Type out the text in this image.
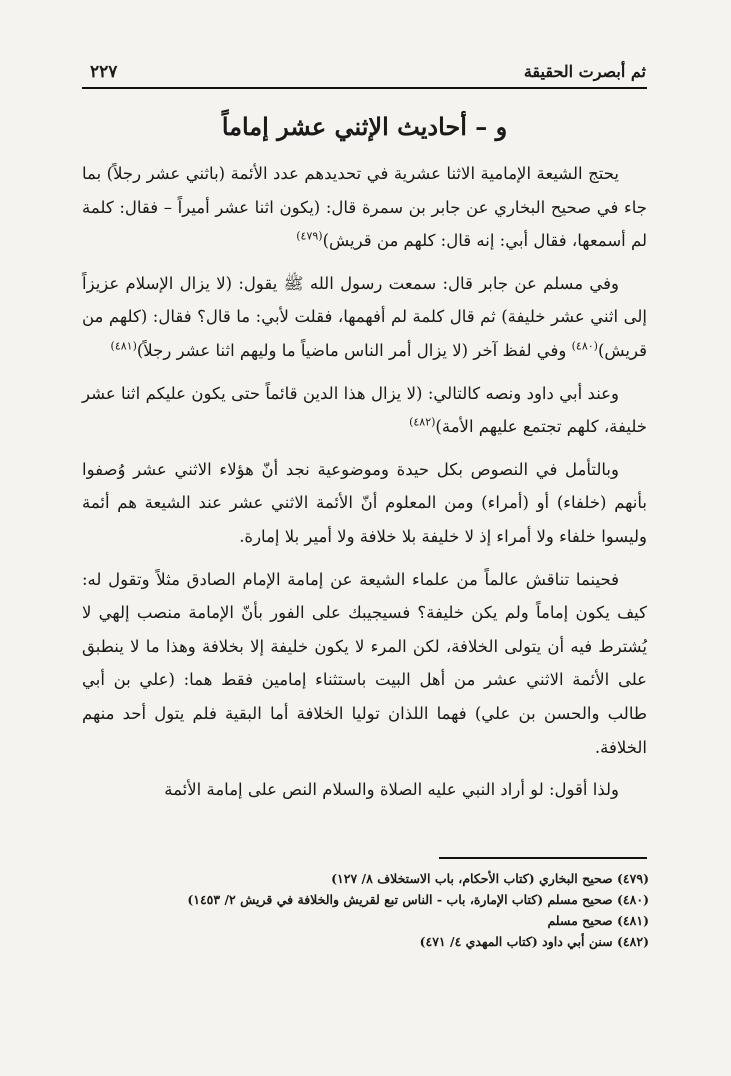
ثم أبصرت الحقيقة
٢٢٧
و – أحاديث الإثني عشر إماماً

يحتج الشيعة الإمامية الاثنا عشرية في تحديدهم عدد الأئمة (باثني عشر رجلاً) بما جاء في صحيح البخاري عن جابر بن سمرة قال: (يكون اثنا عشر أميراً – فقال: كلمة لم أسمعها، فقال أبي: إنه قال: كلهم من قريش)$^{(٤٧٩)}$

وفي مسلم عن جابر قال: سمعت رسول الله ﷺ يقول: (لا يزال الإسلام عزيزاً إلى اثني عشر خليفة) ثم قال كلمة لم أفهمها، فقلت لأبي: ما قال؟ فقال: (كلهم من قريش)$^{(٤٨٠)}$ وفي لفظ آخر (لا يزال أمر الناس ماضياً ما وليهم اثنا عشر رجلاً)$^{(٤٨١)}$

وعند أبي داود ونصه كالتالي: (لا يزال هذا الدين قائماً حتى يكون عليكم اثنا عشر خليفة، كلهم تجتمع عليهم الأمة)$^{(٤٨٢)}$

وبالتأمل في النصوص بكل حيدة وموضوعية نجد أنّ هؤلاء الاثني عشر وُصفوا بأنهم (خلفاء) أو (أمراء) ومن المعلوم أنّ الأئمة الاثني عشر عند الشيعة هم أئمة وليسوا خلفاء ولا أمراء إذ لا خليفة بلا خلافة ولا أمير بلا إمارة.

فحينما تناقش عالماً من علماء الشيعة عن إمامة الإمام الصادق مثلاً وتقول له: كيف يكون إماماً ولم يكن خليفة؟ فسيجيبك على الفور بأنّ الإمامة منصب إلهي لا يُشترط فيه أن يتولى الخلافة، لكن المرء لا يكون خليفة إلا بخلافة وهذا ما لا ينطبق على الأئمة الاثني عشر من أهل البيت باستثناء إمامين فقط هما: (علي بن أبي طالب والحسن بن علي) فهما اللذان توليا الخلافة أما البقية فلم يتول أحد منهم الخلافة.

ولذا أقول: لو أراد النبي عليه الصلاة والسلام النص على إمامة الأئمة

(٤٧٩) صحيح البخاري (كتاب الأحكام، باب الاستخلاف ٨/ ١٢٧)
(٤٨٠) صحيح مسلم (كتاب الإمارة، باب - الناس تبع لقريش والخلافة في قريش ٢/ ١٤٥٣)
(٤٨١) صحيح مسلم
(٤٨٢) سنن أبي داود (كتاب المهدي ٤/ ٤٧١)
